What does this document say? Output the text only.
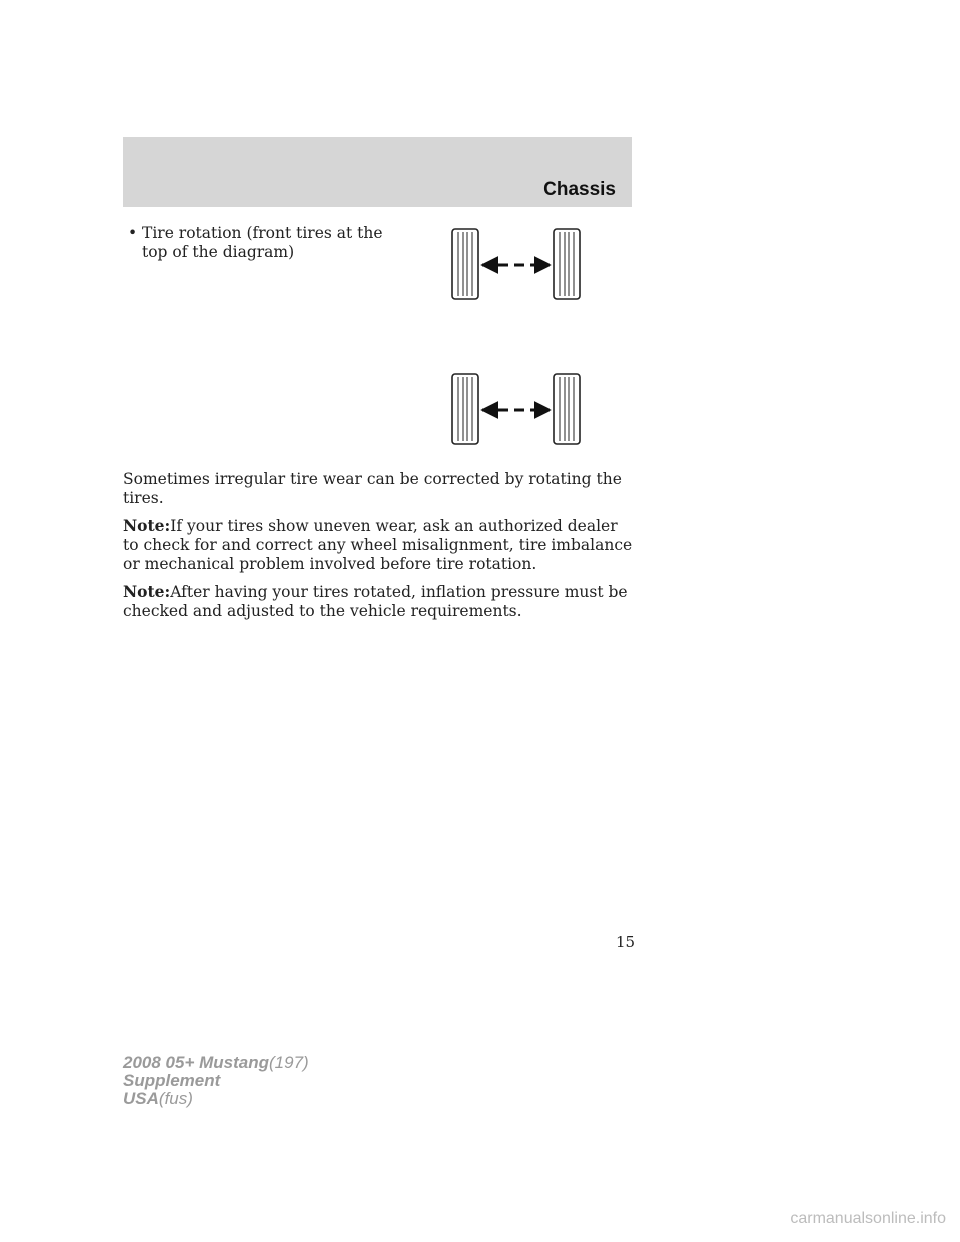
Chassis
• Tire rotation (front tires at the top of the diagram)

Sometimes irregular tire wear can be corrected by rotating the tires.

Note:If your tires show uneven wear, ask an authorized dealer to check for and correct any wheel misalignment, tire imbalance or mechanical problem involved before tire rotation.

Note:After having your tires rotated, inflation pressure must be checked and adjusted to the vehicle requirements.

15
2008 05+ Mustang(197)
Supplement
USA(fus)
carmanualsonline.info
